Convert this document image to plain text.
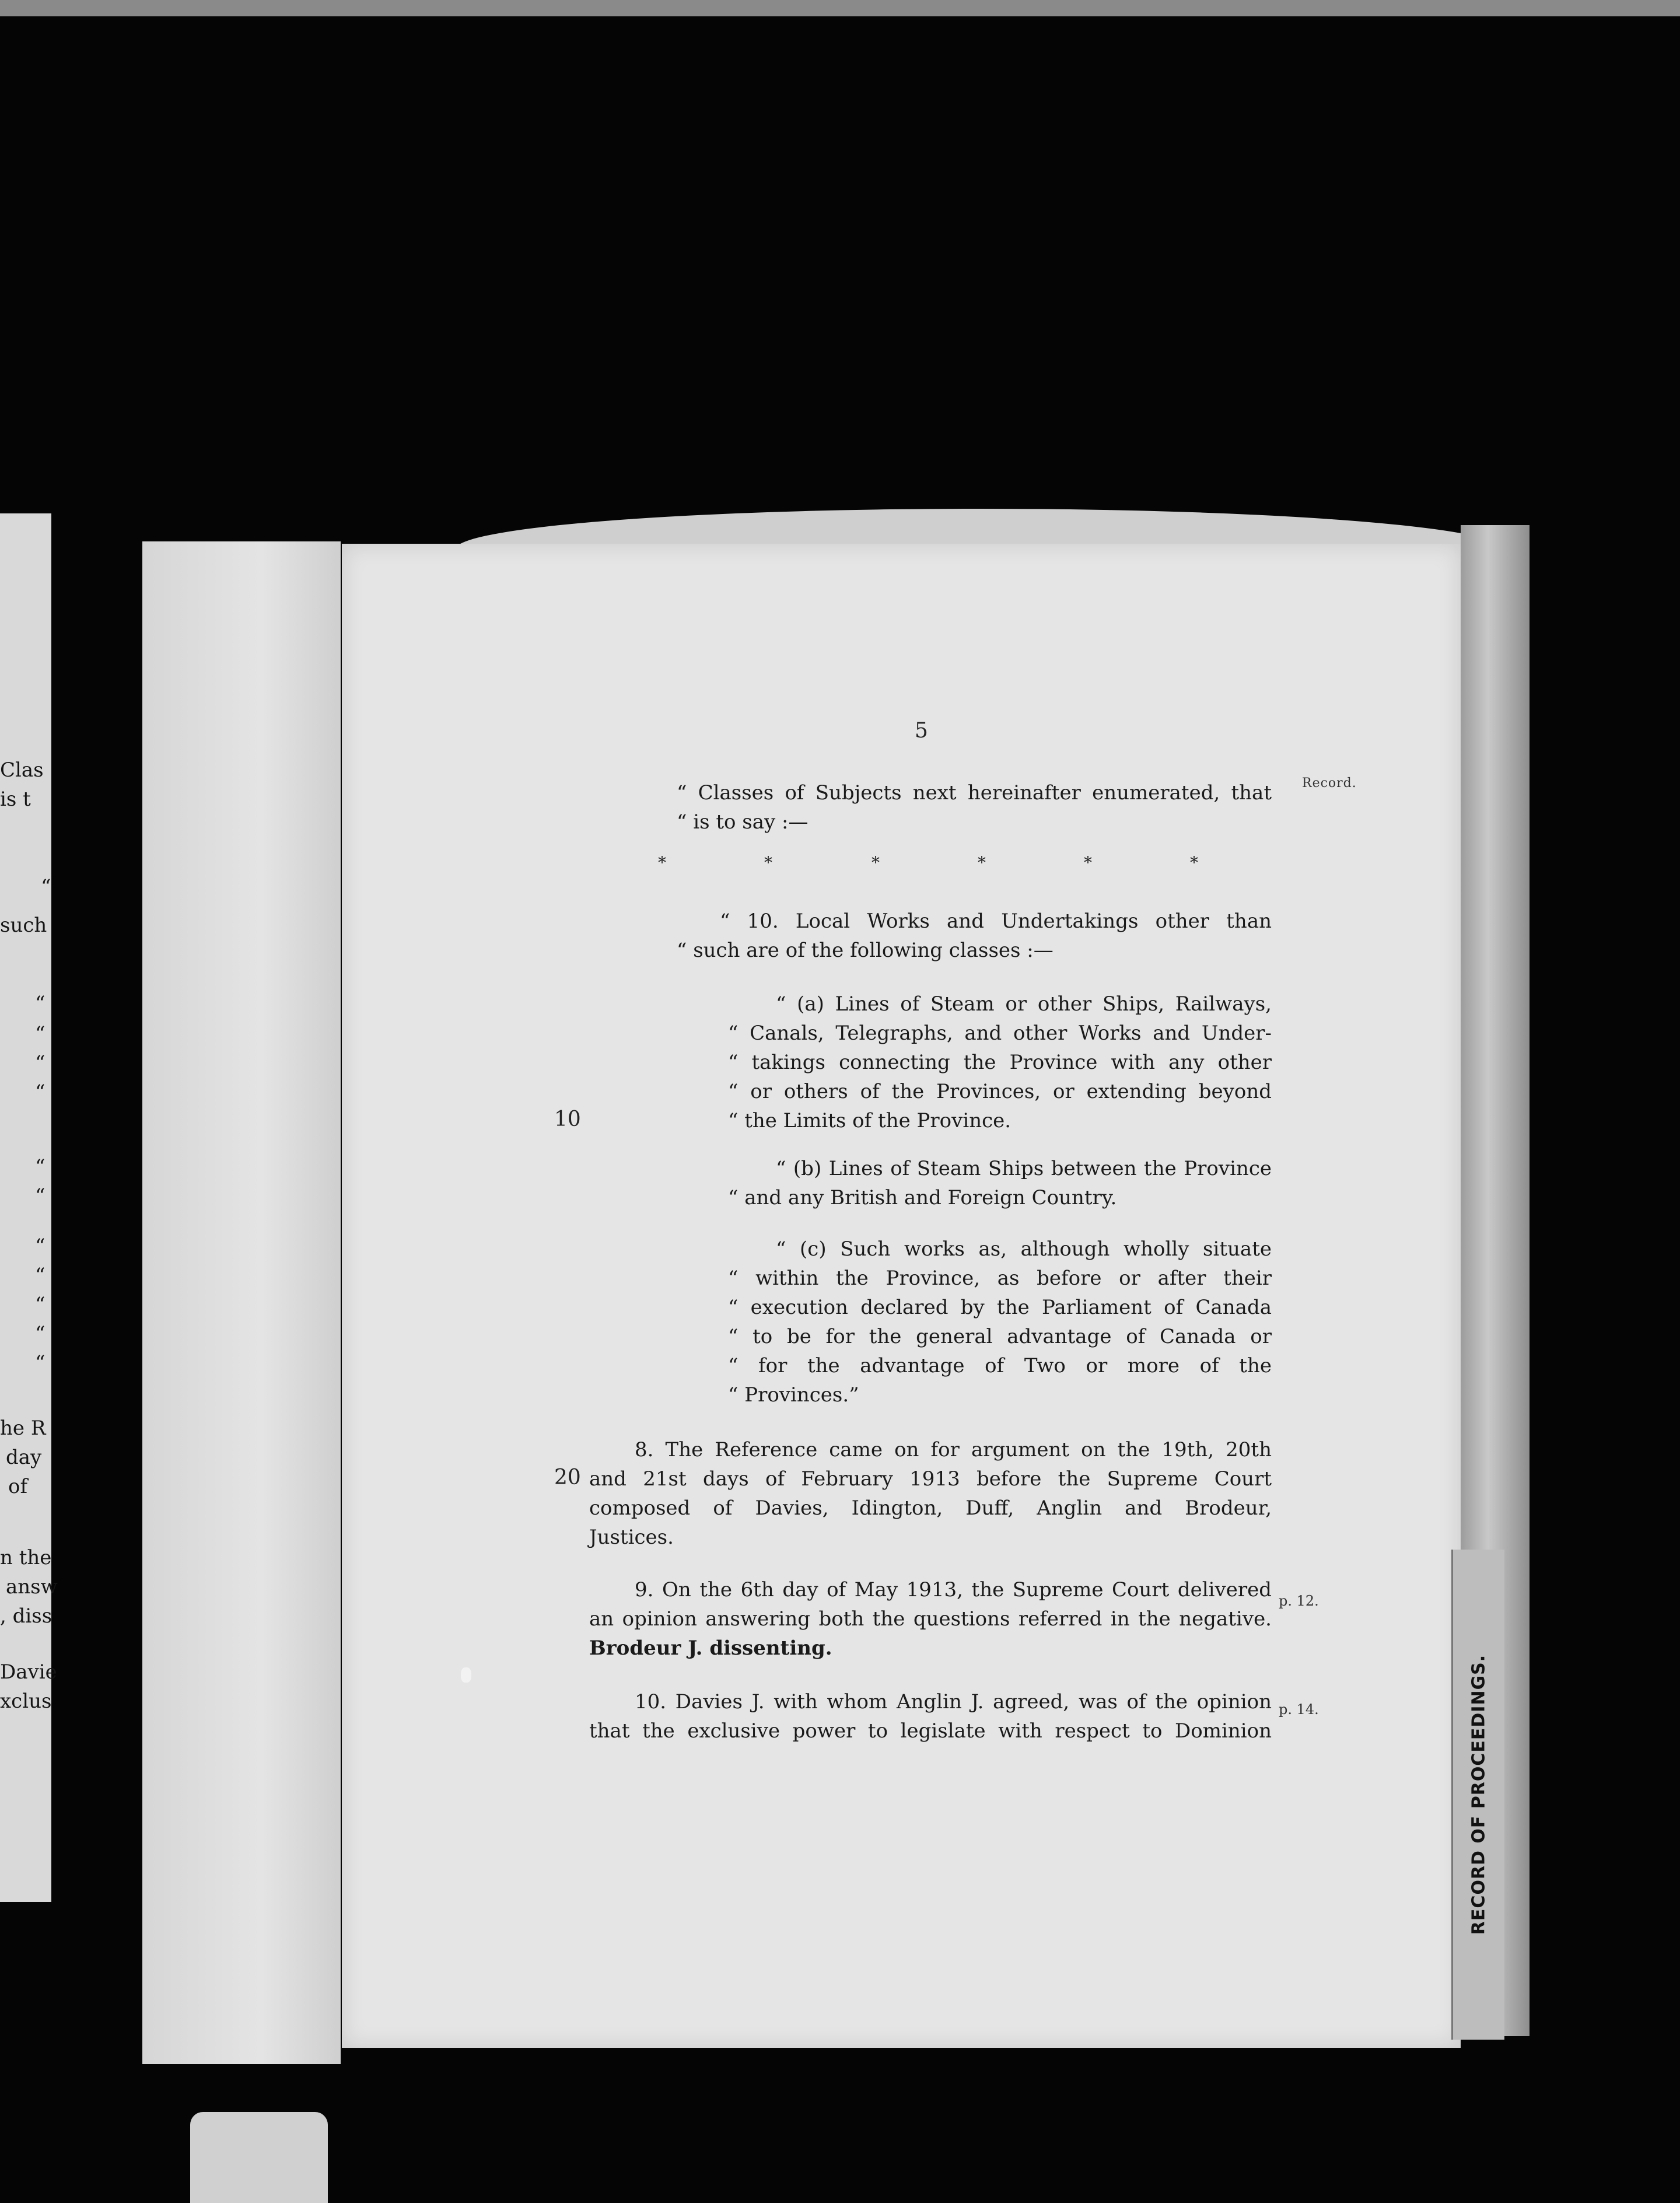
Clas
is t
“
such
“
“
“
“
“
“
“
“
“
“
“
he R
day
of
n the
answ
, diss
Davie
xclus
5
Record.
“ Classes of Subjects next hereinafter enumerated, that
“ is to say :—
*	*	*	*	*	*
“ 10. Local Works and Undertakings other than
“ such are of the following classes :—
“ (a) Lines of Steam or other Ships, Railways,
“ Canals, Telegraphs, and other Works and Under-
“ takings connecting the Province with any other
“ or others of the Provinces, or extending beyond
“ the Limits of the Province.
10
“ (b) Lines of Steam Ships between the Province
“ and any British and Foreign Country.
“ (c) Such works as, although wholly situate
“ within the Province, as before or after their
“ execution declared by the Parliament of Canada
“ to be for the general advantage of Canada or
“ for the advantage of Two or more of the
“ Provinces.”
8. The Reference came on for argument on the 19th, 20th
and 21st days of February 1913 before the Supreme Court
composed of Davies, Idington, Duff, Anglin and Brodeur,
Justices.
20
9. On the 6th day of May 1913, the Supreme Court delivered
an opinion answering both the questions referred in the negative.
Brodeur J. dissenting.
p. 12.
10. Davies J. with whom Anglin J. agreed, was of the opinion
that the exclusive power to legislate with respect to Dominion
p. 14.	RECORD OF PROCEEDINGS.
